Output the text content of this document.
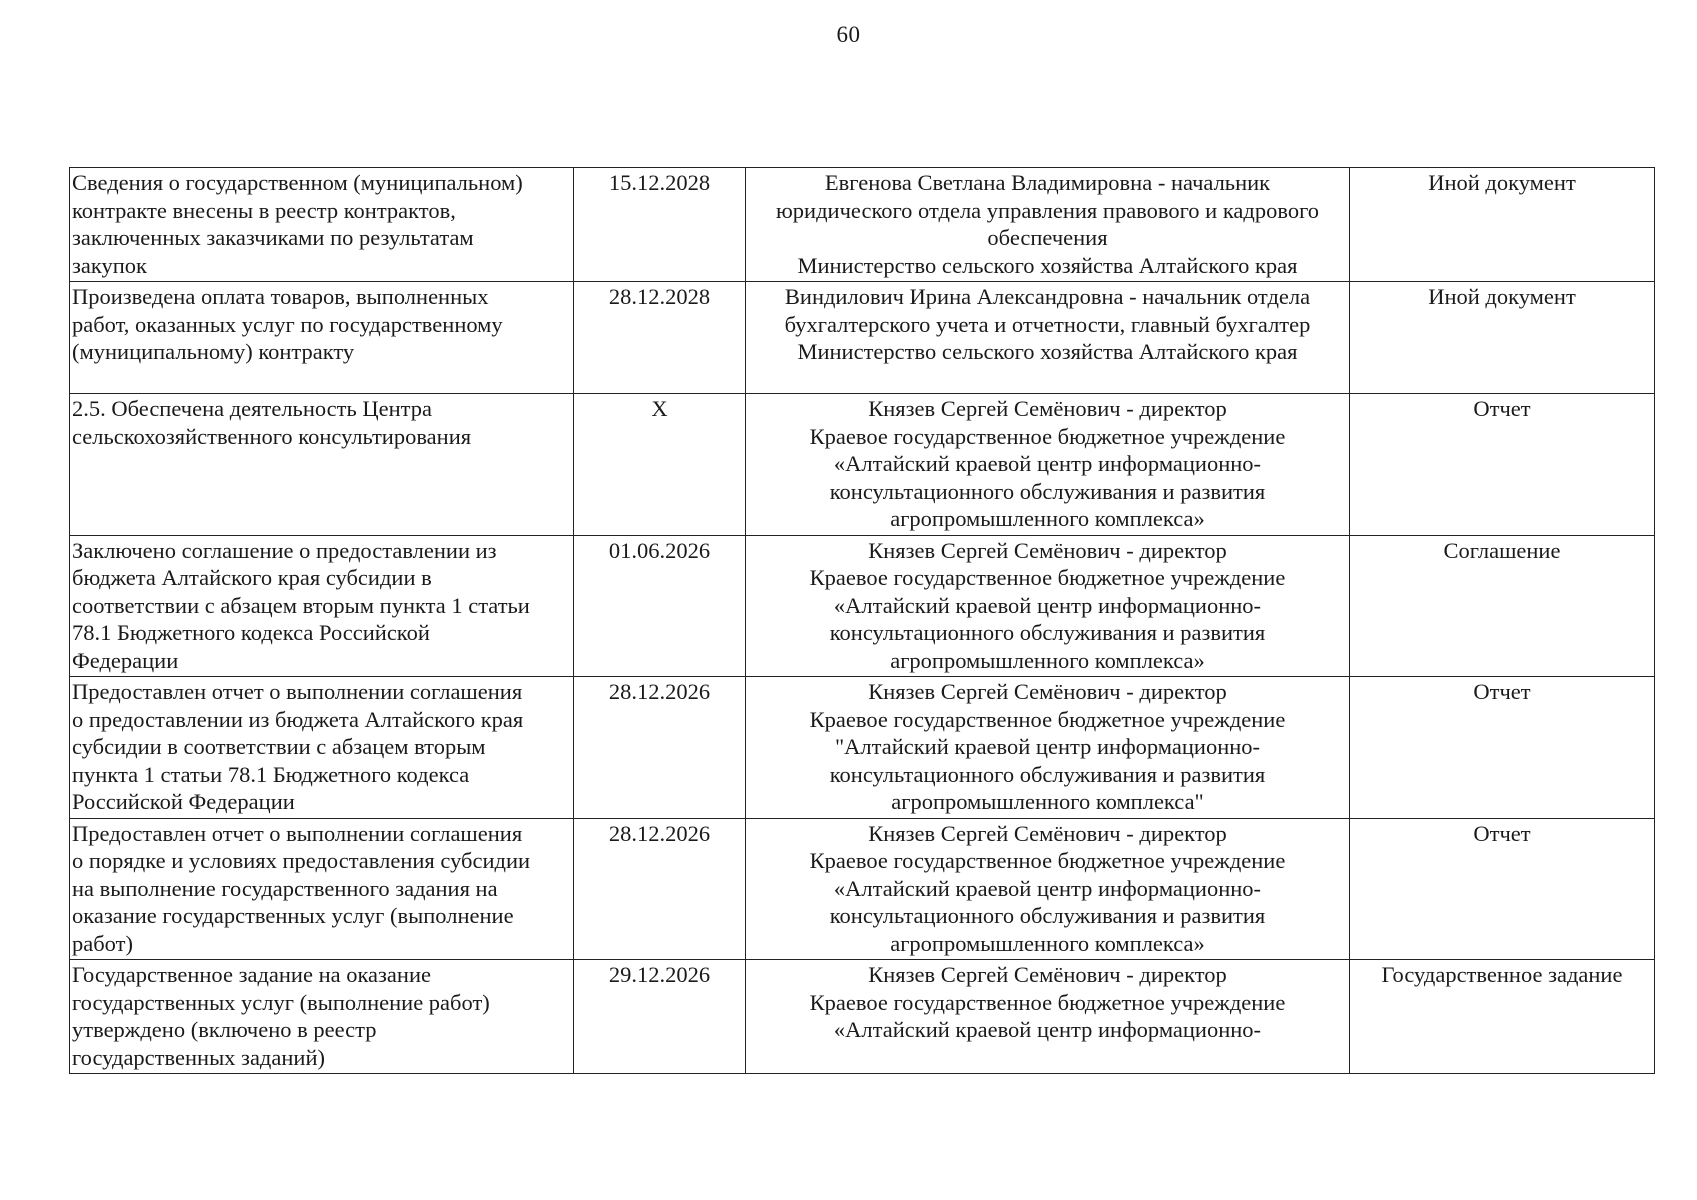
60
Сведения о государственном (муниципальном)
контракте внесены в реестр контрактов,
заключенных заказчиками по результатам
закупок	15.12.2028	Евгенова Светлана Владимировна - начальник
юридического отдела управления правового и кадрового
обеспечения
Министерство сельского хозяйства Алтайского края	Иной документ

Произведена оплата товаров, выполненных
работ, оказанных услуг по государственному
(муниципальному) контракту	28.12.2028	Виндилович Ирина Александровна - начальник отдела
бухгалтерского учета и отчетности, главный бухгалтер
Министерство сельского хозяйства Алтайского края	Иной документ

2.5. Обеспечена деятельность Центра
сельскохозяйственного консультирования	X	Князев Сергей Семёнович - директор
Краевое государственное бюджетное учреждение
«Алтайский краевой центр информационно-
консультационного обслуживания и развития
агропромышленного комплекса»	Отчет

Заключено соглашение о предоставлении из
бюджета Алтайского края субсидии в
соответствии с абзацем вторым пункта 1 статьи
78.1 Бюджетного кодекса Российской
Федерации	01.06.2026	Князев Сергей Семёнович - директор
Краевое государственное бюджетное учреждение
«Алтайский краевой центр информационно-
консультационного обслуживания и развития
агропромышленного комплекса»	Соглашение

Предоставлен отчет о выполнении соглашения
о предоставлении из бюджета Алтайского края
субсидии в соответствии с абзацем вторым
пункта 1 статьи 78.1 Бюджетного кодекса
Российской Федерации	28.12.2026	Князев Сергей Семёнович - директор
Краевое государственное бюджетное учреждение
"Алтайский краевой центр информационно-
консультационного обслуживания и развития
агропромышленного комплекса"	Отчет

Предоставлен отчет о выполнении соглашения
о порядке и условиях предоставления субсидии
на выполнение государственного задания на
оказание государственных услуг (выполнение
работ)	28.12.2026	Князев Сергей Семёнович - директор
Краевое государственное бюджетное учреждение
«Алтайский краевой центр информационно-
консультационного обслуживания и развития
агропромышленного комплекса»	Отчет

Государственное задание на оказание
государственных услуг (выполнение работ)
утверждено (включено в реестр
государственных заданий)	29.12.2026	Князев Сергей Семёнович - директор
Краевое государственное бюджетное учреждение
«Алтайский краевой центр информационно-	Государственное задание
